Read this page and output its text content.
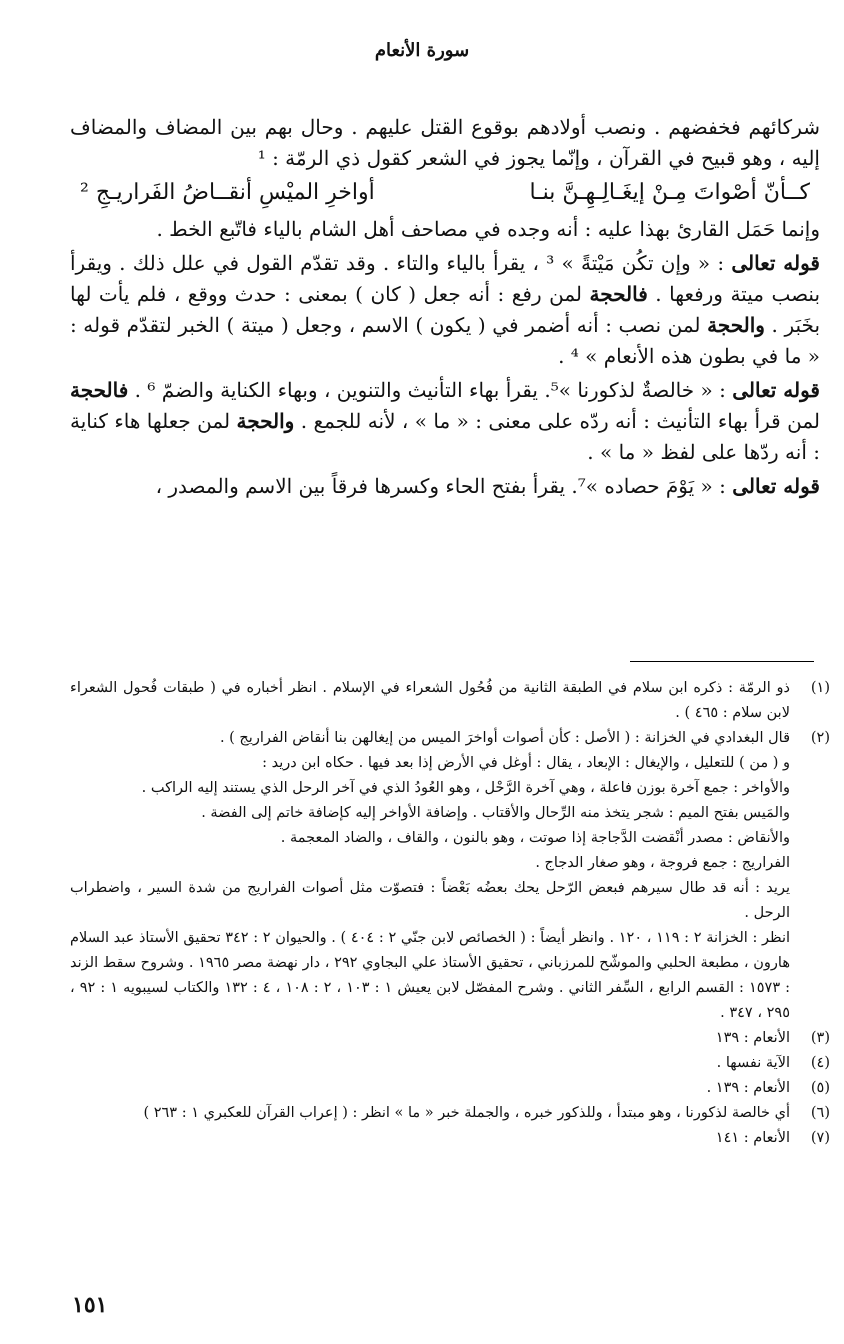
سورة الأنعام

شركائهم فخفضهم . ونصب أولادهم بوقوع القتل عليهم . وحال بهم بين المضاف والمضاف إليه ، وهو قبيح في القرآن ، وإنّما يجوز في الشعر كقول ذي الرمّة : ¹

كــأنّ أصْواتَ مِـنْ إيغَـالِـهِـنَّ بنـا
أواخرِ الميْسِ أنقــاضُ الفَراريـجِ ²

وإنما حَمَل القارئ بهذا عليه : أنه وجده في مصاحف أهل الشام بالياء فاتّبع الخط .

قوله تعالى : « وإن تكُن مَيْتةً » ³ ، يقرأ بالياء والتاء . وقد تقدّم القول في علل ذلك . ويقرأ بنصب ميتة ورفعها . فالحجة لمن رفع : أنه جعل ( كان ) بمعنى : حدث ووقع ، فلم يأت لها بخَبَر . والحجة لمن نصب : أنه أضمر في ( يكون ) الاسم ، وجعل ( ميتة ) الخبر لتقدّم قوله : « ما في بطون هذه الأنعام » ⁴ .

قوله تعالى : « خالصةٌ لذكورنا »⁵. يقرأ بهاء التأنيث والتنوين ، وبهاء الكناية والضمّ ⁶ . فالحجة لمن قرأ بهاء التأنيث : أنه ردّه على معنى : « ما » ، لأنه للجمع . والحجة لمن جعلها هاء كناية : أنه ردّها على لفظ « ما » .

قوله تعالى : « يَوْمَ حصاده »⁷. يقرأ بفتح الحاء وكسرها فرقاً بين الاسم والمصدر ،

(١)

ذو الرمّة : ذكره ابن سلام في الطبقة الثانية من فُحُول الشعراء في الإسلام . انظر أخباره في ( طبقات فُحول الشعراء لابن سلام : ٤٦٥ ) .

(٢)

قال البغدادي في الخزانة : ( الأصل : كأن أصوات أواخرَ الميس من إيغالهن بنا أنقاض الفراريج ) .

و ( من ) للتعليل ، والإيغال : الإبعاد ، يقال : أوغل في الأرض إذا بعد فيها . حكاه ابن دريد :

والأواخر : جمع آخرة بوزن فاعلة ، وهي آخرة الرَّحْل ، وهو العُودُ الذي في آخر الرحل الذي يستند إليه الراكب .

والمَيس بفتح الميم : شجر يتخذ منه الرِّحال والأقتاب . وإضافة الأواخر إليه كإضافة خاتم إلى الفضة .

والأنقاض : مصدر أنْقضت الدَّجاجة إذا صوتت ، وهو بالنون ، والقاف ، والضاد المعجمة .

الفراريج : جمع فروجة ، وهو صغار الدجاج .

يريد : أنه قد طال سيرهم فبعض الرّحل يحك بعضُه بَعْضاً : فتصوّت مثل أصوات الفراريج من شدة السير ، واضطراب الرحل .

انظر : الخزانة ٢ : ١١٩ ، ١٢٠ . وانظر أيضاً : ( الخصائص لابن جنّي ٢ : ٤٠٤ ) . والحيوان ٢ : ٣٤٢ تحقيق الأستاذ عبد السلام هارون ، مطبعة الحلبي والموشّح للمرزباني ، تحقيق الأستاذ علي البجاوي ٢٩٢ ، دار نهضة مصر ١٩٦٥ . وشروح سقط الزند : ١٥٧٣ : القسم الرابع ، السِّفر الثاني . وشرح المفصّل لابن يعيش ١ : ١٠٣ ، ٢ : ١٠٨ ، ٤ : ١٣٢ والكتاب لسيبويه ١ : ٩٢ ، ٢٩٥ ، ٣٤٧ .

(٣)

الأنعام : ١٣٩

(٤)

الآية نفسها .

(٥)

الأنعام : ١٣٩ .

(٦)

أي خالصة لذكورنا ، وهو مبتدأ ، وللذكور خبره ، والجملة خبر « ما » انظر : ( إعراب القرآن للعكبري ١ : ٢٦٣ )

(٧)

الأنعام : ١٤١

١٥١
